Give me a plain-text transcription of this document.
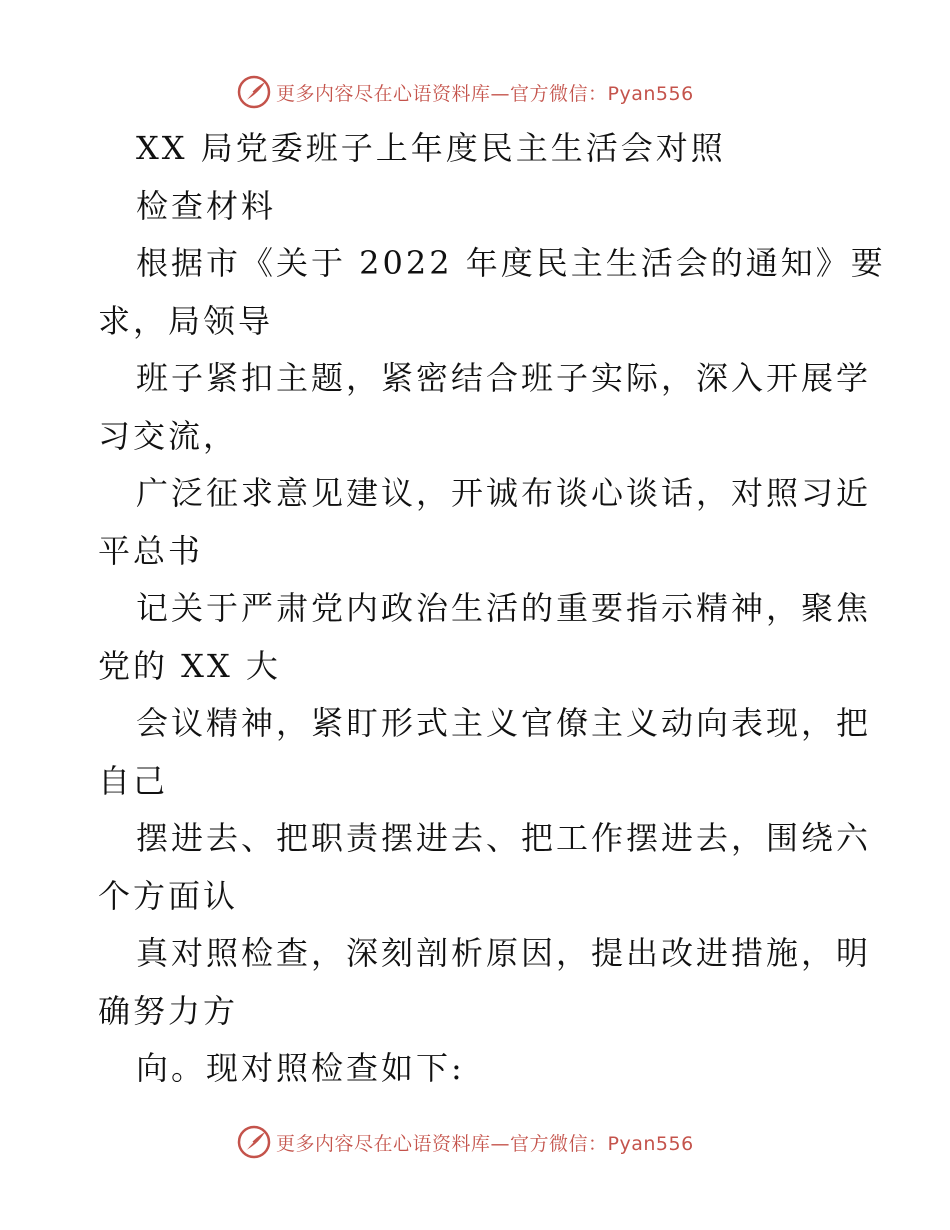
更多内容尽在心语资料库—官方微信：Pyan556

XX 局党委班子上年度民主生活会对照

检查材料

根据市《关于 2022 年度民主生活会的通知》要

求，局领导

班子紧扣主题，紧密结合班子实际，深入开展学

习交流，

广泛征求意见建议，开诚布谈心谈话，对照习近

平总书

记关于严肃党内政治生活的重要指示精神，聚焦

党的 XX 大

会议精神，紧盯形式主义官僚主义动向表现，把

自己

摆进去、把职责摆进去、把工作摆进去，围绕六

个方面认

真对照检查，深刻剖析原因，提出改进措施，明

确努力方

向。现对照检查如下:

更多内容尽在心语资料库—官方微信：Pyan556
